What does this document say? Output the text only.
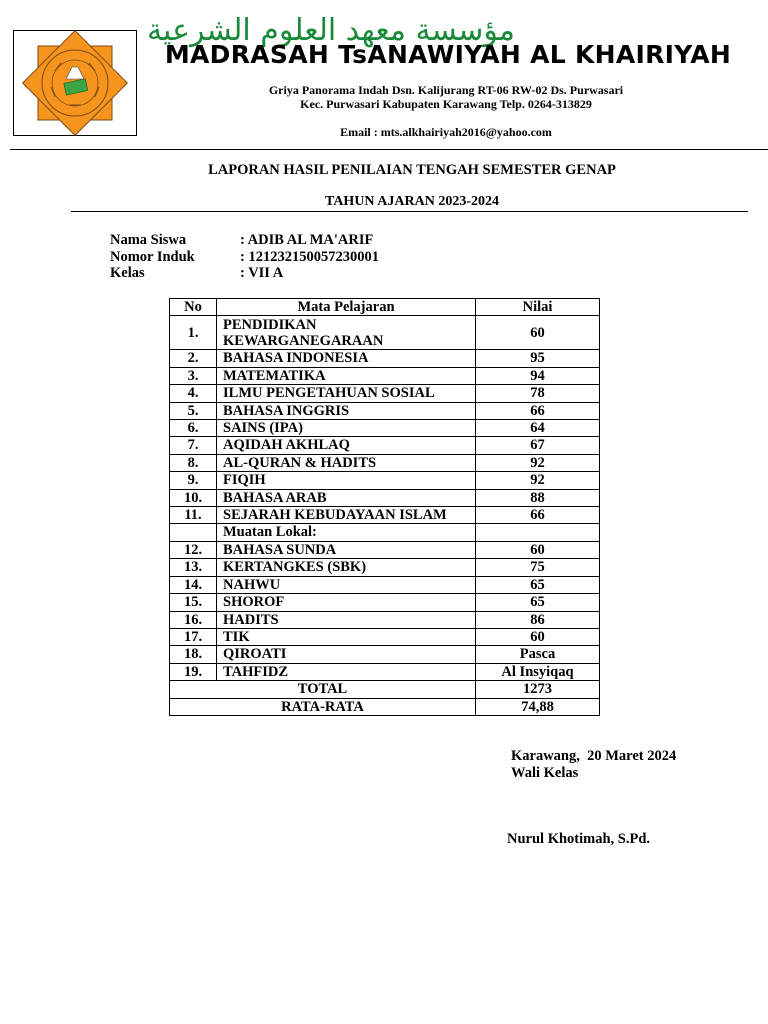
مؤسسة معهد العلوم الشرعية
MADRASAH TsANAWIYAH AL KHAIRIYAH
Griya Panorama Indah Dsn. Kalijurang RT-06 RW-02 Ds. Purwasari
Kec. Purwasari Kabupaten Karawang Telp. 0264-313829
Email : mts.alkhairiyah2016@yahoo.com
LAPORAN HASIL PENILAIAN TENGAH SEMESTER GENAP
TAHUN AJARAN 2023-2024
Nama Siswa	: ADIB AL MA'ARIF
Nomor Induk	: 121232150057230001
Kelas	: VII A
No	Mata Pelajaran	Nilai
1.	PENDIDIKAN KEWARGANEGARAAN	60
2.	BAHASA INDONESIA	95
3.	MATEMATIKA	94
4.	ILMU PENGETAHUAN SOSIAL	78
5.	BAHASA INGGRIS	66
6.	SAINS (IPA)	64
7.	AQIDAH AKHLAQ	67
8.	AL-QURAN & HADITS	92
9.	FIQIH	92
10.	BAHASA ARAB	88
11.	SEJARAH KEBUDAYAAN ISLAM	66
	Muatan Lokal:	
12.	BAHASA SUNDA	60
13.	KERTANGKES (SBK)	75
14.	NAHWU	65
15.	SHOROF	65
16.	HADITS	86
17.	TIK	60
18.	QIROATI	Pasca
19.	TAHFIDZ	Al Insyiqaq
TOTAL		1273
RATA-RATA		74,88
Karawang,  20 Maret 2024
Wali Kelas
Nurul Khotimah, S.Pd.
